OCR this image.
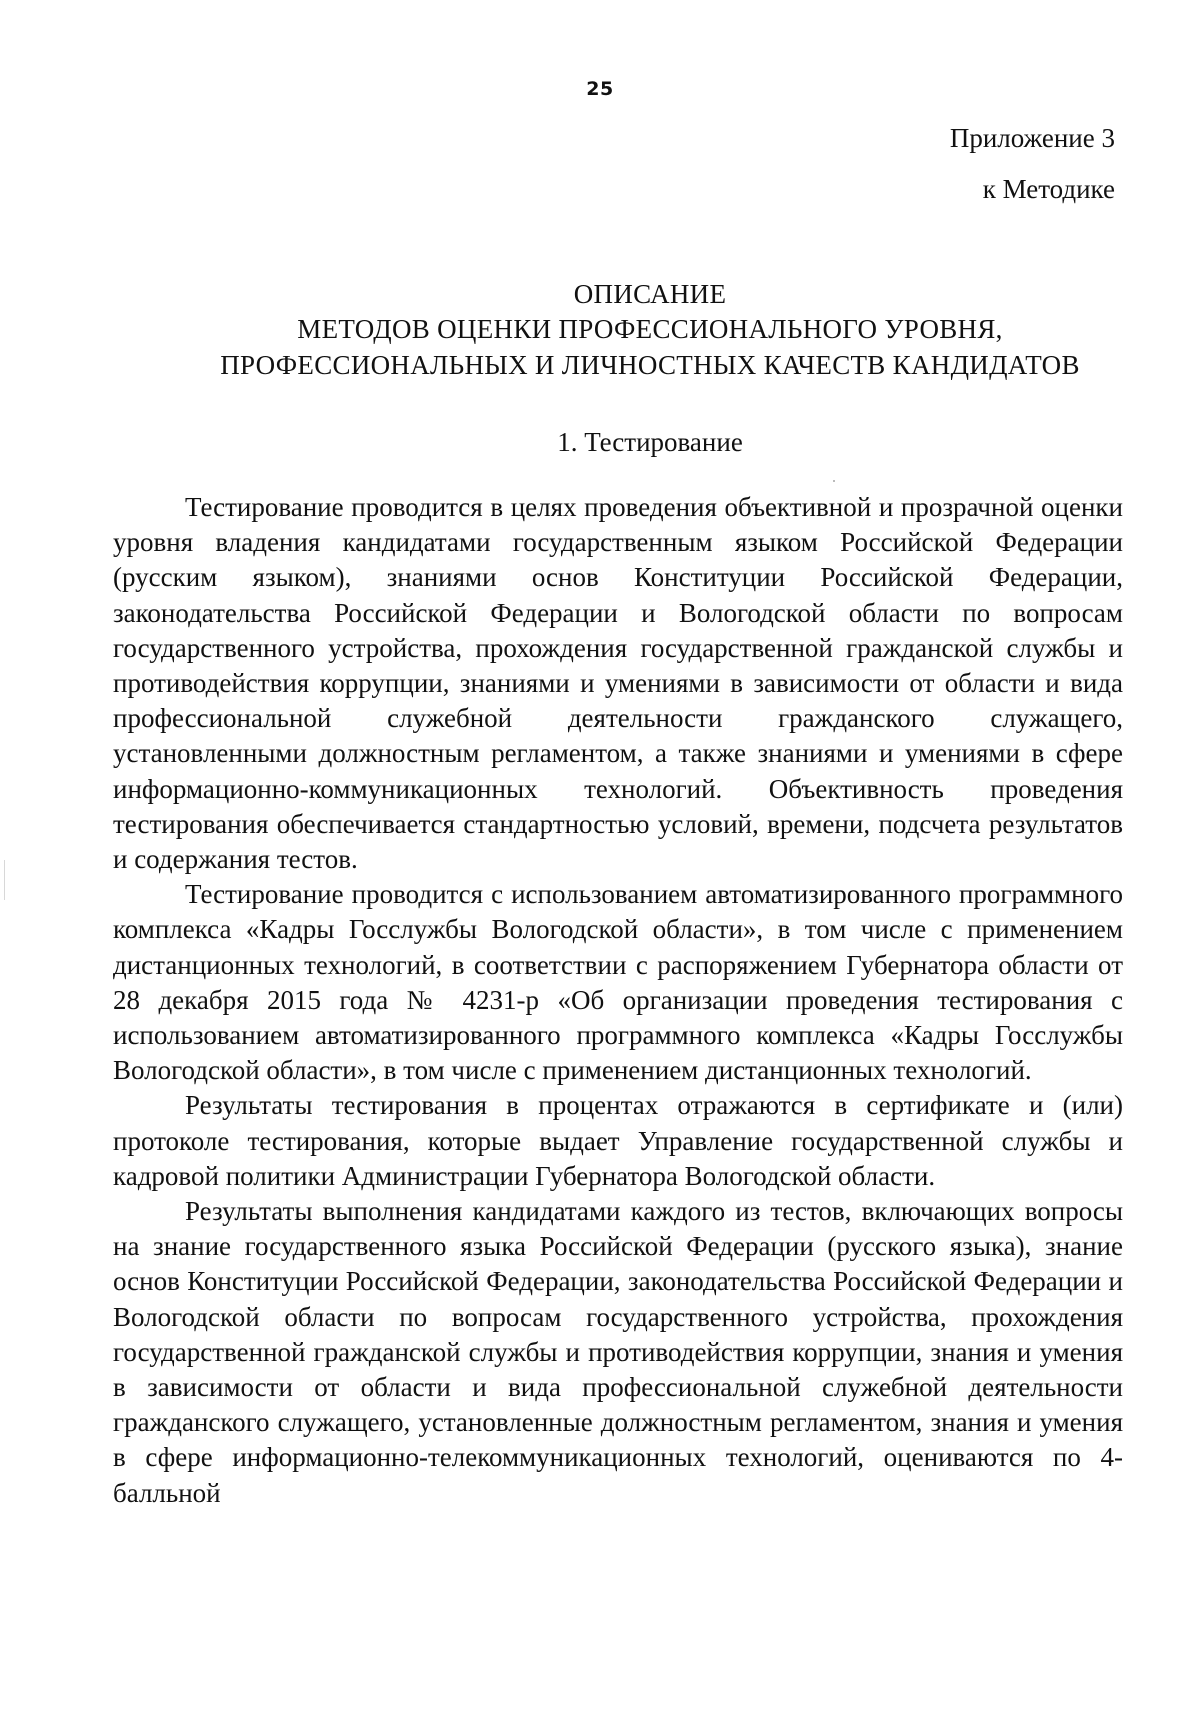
25
Приложение 3
к Методике
ОПИСАНИЕ
МЕТОДОВ ОЦЕНКИ ПРОФЕССИОНАЛЬНОГО УРОВНЯ,
ПРОФЕССИОНАЛЬНЫХ И ЛИЧНОСТНЫХ КАЧЕСТВ КАНДИДАТОВ
1. Тестирование

Тестирование проводится в целях проведения объективной и прозрачной оценки уровня владения кандидатами государственным языком Российской Федерации (русским языком), знаниями основ Конституции Российской Федерации, законодательства Российской Федерации и Вологодской области по вопросам государственного устройства, прохождения государственной гражданской службы и противодействия коррупции, знаниями и умениями в зависимости от области и вида профессиональной служебной деятельности гражданского служащего, установленными должностным регламентом, а также знаниями и умениями в сфере информационно-коммуникационных технологий. Объективность проведения тестирования обеспечивается стандартностью условий, времени, подсчета результатов и содержания тестов.

Тестирование проводится с использованием автоматизированного программного комплекса «Кадры Госслужбы Вологодской области», в том числе с применением дистанционных технологий, в соответствии с распоряжением Губернатора области от 28 декабря 2015 года № 4231-р «Об организации проведения тестирования с использованием автоматизированного программного комплекса «Кадры Госслужбы Вологодской области», в том числе с применением дистанционных технологий.

Результаты тестирования в процентах отражаются в сертификате и (или) протоколе тестирования, которые выдает Управление государственной службы и кадровой политики Администрации Губернатора Вологодской области.

Результаты выполнения кандидатами каждого из тестов, включающих вопросы на знание государственного языка Российской Федерации (русского языка), знание основ Конституции Российской Федерации, законодательства Российской Федерации и Вологодской области по вопросам государственного устройства, прохождения государственной гражданской службы и противодействия коррупции, знания и умения в зависимости от области и вида профессиональной служебной деятельности гражданского служащего, установленные должностным регламентом, знания и умения в сфере информационно-телекоммуникационных технологий, оцениваются по 4-балльной
